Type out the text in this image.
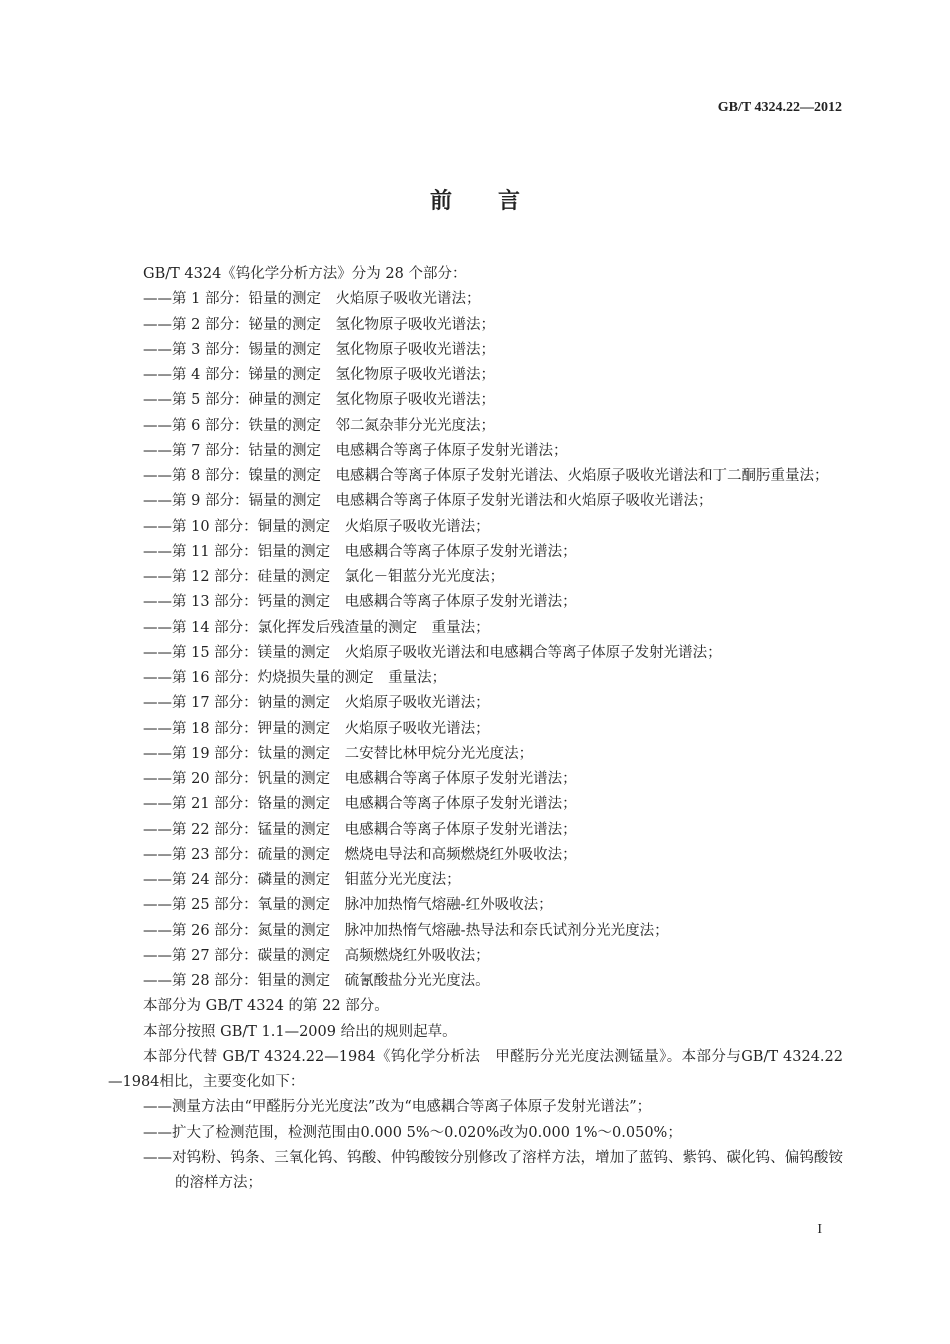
GB/T 4324.22—2012
前言
GB/T 4324《钨化学分析方法》分为 28 个部分：
——第 1 部分：铅量的测定　火焰原子吸收光谱法；
——第 2 部分：铋量的测定　氢化物原子吸收光谱法；
——第 3 部分：锡量的测定　氢化物原子吸收光谱法；
——第 4 部分：锑量的测定　氢化物原子吸收光谱法；
——第 5 部分：砷量的测定　氢化物原子吸收光谱法；
——第 6 部分：铁量的测定　邻二氮杂菲分光光度法；
——第 7 部分：钴量的测定　电感耦合等离子体原子发射光谱法；
——第 8 部分：镍量的测定　电感耦合等离子体原子发射光谱法、火焰原子吸收光谱法和丁二酮肟重量法；
——第 9 部分：镉量的测定　电感耦合等离子体原子发射光谱法和火焰原子吸收光谱法；
——第 10 部分：铜量的测定　火焰原子吸收光谱法；
——第 11 部分：铝量的测定　电感耦合等离子体原子发射光谱法；
——第 12 部分：硅量的测定　氯化－钼蓝分光光度法；
——第 13 部分：钙量的测定　电感耦合等离子体原子发射光谱法；
——第 14 部分：氯化挥发后残渣量的测定　重量法；
——第 15 部分：镁量的测定　火焰原子吸收光谱法和电感耦合等离子体原子发射光谱法；
——第 16 部分：灼烧损失量的测定　重量法；
——第 17 部分：钠量的测定　火焰原子吸收光谱法；
——第 18 部分：钾量的测定　火焰原子吸收光谱法；
——第 19 部分：钛量的测定　二安替比林甲烷分光光度法；
——第 20 部分：钒量的测定　电感耦合等离子体原子发射光谱法；
——第 21 部分：铬量的测定　电感耦合等离子体原子发射光谱法；
——第 22 部分：锰量的测定　电感耦合等离子体原子发射光谱法；
——第 23 部分：硫量的测定　燃烧电导法和高频燃烧红外吸收法；
——第 24 部分：磷量的测定　钼蓝分光光度法；
——第 25 部分：氧量的测定　脉冲加热惰气熔融-红外吸收法；
——第 26 部分：氮量的测定　脉冲加热惰气熔融-热导法和奈氏试剂分光光度法；
——第 27 部分：碳量的测定　高频燃烧红外吸收法；
——第 28 部分：钼量的测定　硫氰酸盐分光光度法。
本部分为 GB/T 4324 的第 22 部分。
本部分按照 GB/T 1.1—2009 给出的规则起草。
本部分代替 GB/T 4324.22—1984《钨化学分析法　甲醛肟分光光度法测锰量》。本部分与GB/T 4324.22—1984相比，主要变化如下：
——测量方法由“甲醛肟分光光度法”改为“电感耦合等离子体原子发射光谱法”；
——扩大了检测范围，检测范围由0.000 5%～0.020%改为0.000 1%～0.050%；
——对钨粉、钨条、三氧化钨、钨酸、仲钨酸铵分别修改了溶样方法，增加了蓝钨、紫钨、碳化钨、偏钨酸铵的溶样方法；
I
